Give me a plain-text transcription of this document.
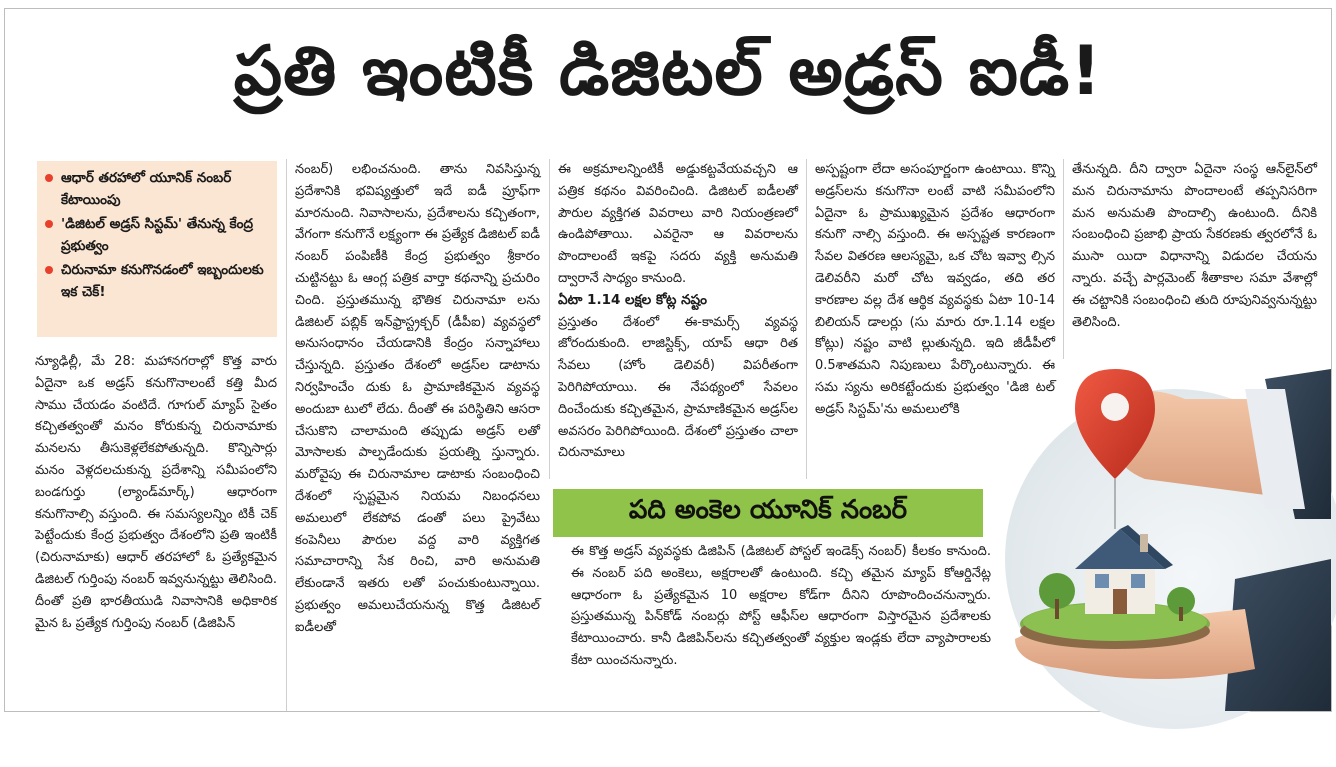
ప్రతి ఇంటికీ డిజిటల్ అడ్రస్ ఐడీ!
ఆధార్ తరహాలో యూనిక్ నంబర్ కేటాయింపు
'డిజిటల్ అడ్రస్ సిస్టమ్' తేనున్న కేంద్ర ప్రభుత్వం
చిరునామా కనుగొనడంలో ఇబ్బందులకు ఇక చెక్!

న్యూఢిల్లీ, మే 28: మహానగరాల్లో కొత్త వారు ఏదైనా ఒక అడ్రస్ కనుగొనాలంటే కత్తి మీద సాము చేయడం వంటిదే. గూగుల్ మ్యాప్ సైతం కచ్చితత్వంతో మనం కోరుకున్న చిరునామాకు మనలను తీసుకెళ్లలేకపోతున్నది. కొన్నిసార్లు మనం వెళ్లదలచుకున్న ప్రదేశాన్ని సమీపంలోని బండగుర్తు (ల్యాండ్‌మార్క్) ఆధారంగా కనుగొనాల్సి వస్తుంది. ఈ సమస్యలన్నిం టికీ చెక్ పెట్టేందుకు కేంద్ర ప్రభుత్వం దేశంలోని ప్రతి ఇంటికీ (చిరునామాకు) ఆధార్ తరహాలో ఓ ప్రత్యేకమైన డిజిటల్ గుర్తింపు నంబర్ ఇవ్వనున్నట్టు తెలిసింది. దీంతో ప్రతి భారతీయుడి నివాసానికి అధికారిక మైన ఓ ప్రత్యేక గుర్తింపు నంబర్ (డిజిపిన్

నంబర్) లభించనుంది. తాను నివసిస్తున్న ప్రదేశానికి భవిష్యత్తులో ఇదే ఐడీ ప్రూఫ్‌గా మారనుంది. నివాసాలను, ప్రదేశాలను కచ్చితంగా, వేగంగా కనుగొనే లక్ష్యంగా ఈ ప్రత్యేక డిజిటల్ ఐడీ నంబర్ పంపిణీకి కేంద్ర ప్రభుత్వం శ్రీకారం చుట్టినట్టు ఓ ఆంగ్ల పత్రిక వార్తా కథనాన్ని ప్రచురిం చింది. ప్రస్తుతమున్న భౌతిక చిరునామా లను డిజిటల్ పబ్లిక్ ఇన్‌ఫ్రాస్ట్రక్చర్ (డీపీఐ) వ్యవస్థలో అనుసంధానం చేయడానికి కేంద్రం సన్నాహాలు చేస్తున్నది. ప్రస్తుతం దేశంలో అడ్రస్‌ల డాటాను నిర్వహించేం దుకు ఓ ప్రామాణికమైన వ్యవస్థ అందుబా టులో లేదు. దీంతో ఈ పరిస్థితిని ఆసరా చేసుకొని చాలామంది తప్పుడు అడ్రస్ లతో మోసాలకు పాల్పడేందుకు ప్రయత్ని స్తున్నారు. మరోవైపు ఈ చిరునామాల డాటాకు సంబంధించి దేశంలో స్పష్టమైన నియమ నిబంధనలు అమలులో లేకపోవ డంతో పలు ప్రైవేటు కంపెనీలు పౌరుల వద్ద వారి వ్యక్తిగత సమాచారాన్ని సేక రించి, వారి అనుమతి లేకుండానే ఇతరు లతో పంచుకుంటున్నాయి. ప్రభుత్వం అమలుచేయనున్న కొత్త డిజిటల్ ఐడీలతో

ఈ అక్రమాలన్నింటికీ అడ్డుకట్టవేయవచ్చని ఆ పత్రిక కథనం వివరించింది. డిజిటల్ ఐడీలతో పౌరుల వ్యక్తిగత వివరాలు వారి నియంత్రణలో ఉండిపోతాయి. ఎవరైనా ఆ వివరాలను పొందాలంటే ఇకపై సదరు వ్యక్తి అనుమతి ద్వారానే సాధ్యం కానుంది.

ఏటా 1.14 లక్షల కోట్ల నష్టం

ప్రస్తుతం దేశంలో ఈ-కామర్స్ వ్యవస్థ జోరందుకుంది. లాజిస్టిక్స్, యాప్ ఆధా రిత సేవలు (హోం డెలివరీ) విపరీతంగా పెరిగిపోయాయి. ఈ నేపథ్యంలో సేవలం దించేందుకు కచ్చితమైన, ప్రామాణికమైన అడ్రస్‌ల అవసరం పెరిగిపోయింది. దేశంలో ప్రస్తుతం చాలా చిరునామాలు

అస్పష్టంగా లేదా అసంపూర్ణంగా ఉంటాయి. కొన్ని అడ్రస్‌లను కనుగొనా లంటే వాటి సమీపంలోని ఏదైనా ఓ ప్రాముఖ్యమైన ప్రదేశం ఆధారంగా కనుగొ నాల్సి వస్తుంది. ఈ అస్పష్టత కారణంగా సేవల వితరణ ఆలస్యమై, ఒక చోట ఇవ్వా ల్సిన డెలివరీని మరో చోట ఇవ్వడం, తది తర కారణాల వల్ల దేశ ఆర్థిక వ్యవస్థకు ఏటా 10-14 బిలియన్ డాలర్లు (సు మారు రూ.1.14 లక్షల కోట్లు) నష్టం వాటి ల్లుతున్నది. ఇది జీడీపీలో 0.5శాతమని నిపుణులు పేర్కొంటున్నారు. ఈ సమ స్యను అరికట్టేందుకు ప్రభుత్వం 'డిజి టల్ అడ్రస్ సిస్టమ్'ను అమలులోకి

తేనున్నది. దీని ద్వారా ఏదైనా సంస్థ ఆన్‌లైన్‌లో మన చిరునామాను పొందాలంటే తప్పనిసరిగా మన అనుమతి పొందాల్సి ఉంటుంది. దీనికి సంబంధించి ప్రజాభి ప్రాయ సేకరణకు త్వరలోనే ఓ ముసా యిదా విధానాన్ని విడుదల చేయను న్నారు. వచ్చే పార్లమెంట్ శీతాకాల సమా వేశాల్లో ఈ చట్టానికి సంబంధించి తుది రూపునివ్వనున్నట్టు తెలిసింది.

పది అంకెల యూనిక్ నంబర్
ఈ కొత్త అడ్రస్ వ్యవస్థకు డిజిపిన్ (డిజిటల్ పోస్టల్ ఇండెక్స్ నంబర్) కీలకం కానుంది. ఈ నంబర్ పది అంకెలు, అక్షరాలతో ఉంటుంది. కచ్చి తమైన మ్యాప్ కోఆర్డినేట్ల ఆధారంగా ఓ ప్రత్యేకమైన 10 అక్షరాల కోడ్‌గా దీనిని రూపొందించనున్నారు. ప్రస్తుతమున్న పిన్‌కోడ్ నంబర్లు పోస్ట్ ఆఫీస్‌ల ఆధారంగా విస్తారమైన ప్రదేశాలకు కేటాయించారు. కానీ డిజిపిన్‌లను కచ్చితత్వంతో వ్యక్తుల ఇండ్లకు లేదా వ్యాపారాలకు కేటా యించనున్నారు.
